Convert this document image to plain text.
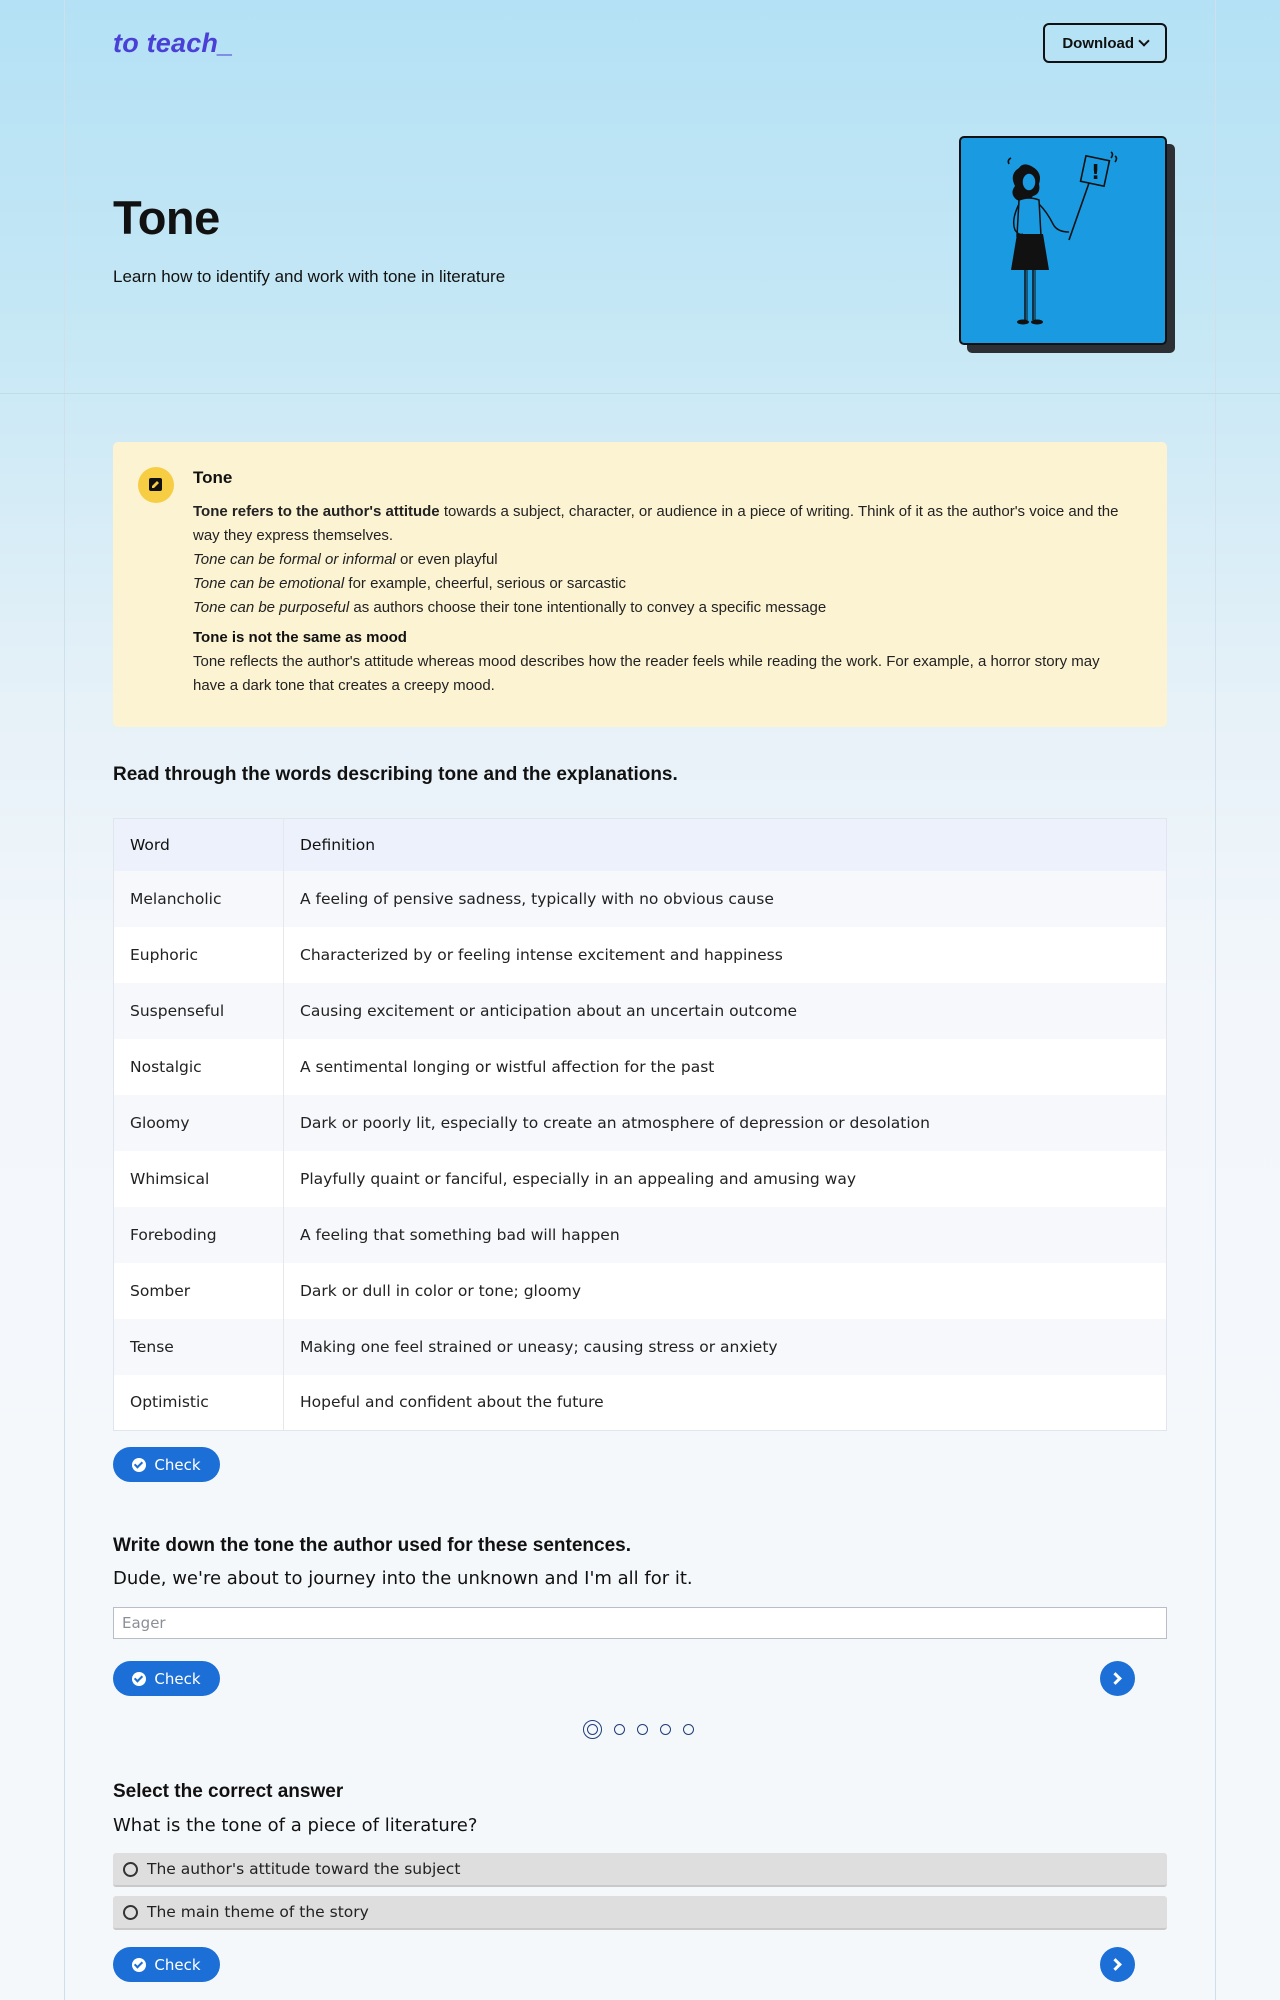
to teach_	Download
Tone

Learn how to identify and work with tone in literature

!
Tone

Tone refers to the author's attitude towards a subject, character, or audience in a piece of writing. Think of it as the author's voice and the way they express themselves.

Tone can be formal or informal or even playful
Tone can be emotional for example, cheerful, serious or sarcastic
Tone can be purposeful as authors choose their tone intentionally to convey a specific message
Tone is not the same as mood

Tone reflects the author's attitude whereas mood describes how the reader feels while reading the work. For example, a horror story may have a dark tone that creates a creepy mood.

Read through the words describing tone and the explanations.
Word	Definition
Melancholic	A feeling of pensive sadness, typically with no obvious cause
Euphoric	Characterized by or feeling intense excitement and happiness
Suspenseful	Causing excitement or anticipation about an uncertain outcome
Nostalgic	A sentimental longing or wistful affection for the past
Gloomy	Dark or poorly lit, especially to create an atmosphere of depression or desolation
Whimsical	Playfully quaint or fanciful, especially in an appealing and amusing way
Foreboding	A feeling that something bad will happen
Somber	Dark or dull in color or tone; gloomy
Tense	Making one feel strained or uneasy; causing stress or anxiety
Optimistic	Hopeful and confident about the future
Check
Write down the tone the author used for these sentences.

Dude, we're about to journey into the unknown and I'm all for it.

Eager
Check
Select the correct answer

What is the tone of a piece of literature?

The author's attitude toward the subject
The main theme of the story
Check
